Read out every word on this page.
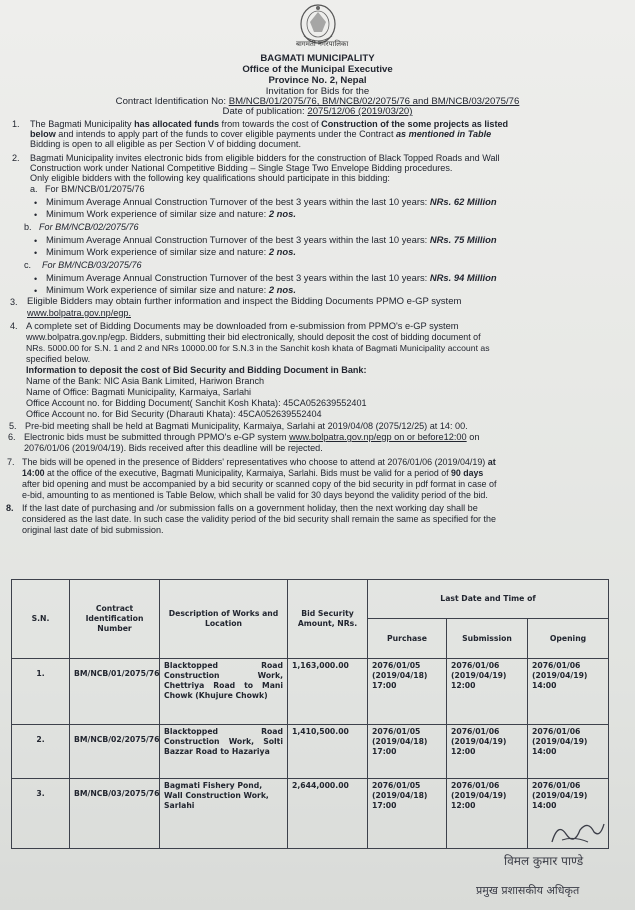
बागमती नगरपालिका
BAGMATI MUNICIPALITY
Office of the Municipal Executive
Province No. 2, Nepal
Invitation for Bids for the
Contract Identification No: BM/NCB/01/2075/76, BM/NCB/02/2075/76 and BM/NCB/03/2075/76
Date of publication: 2075/12/06 (2019/03/20)
1. The Bagmati Municipality has allocated funds from towards the cost of Construction of the some projects as listed
below and intends to apply part of the funds to cover eligible payments under the Contract as mentioned in Table
Bidding is open to all eligible as per Section V of bidding document.
2. Bagmati Municipality invites electronic bids from eligible bidders for the construction of Black Topped Roads and Wall
Construction work under National Competitive Bidding – Single Stage Two Envelope Bidding procedures.
Only eligible bidders with the following key qualifications should participate in this bidding:
a. For BM/NCB/01/2075/76
• Minimum Average Annual Construction Turnover of the best 3 years within the last 10 years: NRs. 62 Million
• Minimum Work experience of similar size and nature: 2 nos.
b. For BM/NCB/02/2075/76
• Minimum Average Annual Construction Turnover of the best 3 years within the last 10 years: NRs. 75 Million
• Minimum Work experience of similar size and nature: 2 nos.
c. For BM/NCB/03/2075/76
• Minimum Average Annual Construction Turnover of the best 3 years within the last 10 years: NRs. 94 Million
• Minimum Work experience of similar size and nature: 2 nos.
3. Eligible Bidders may obtain further information and inspect the Bidding Documents PPMO e-GP system
www.bolpatra.gov.np/egp.
4. A complete set of Bidding Documents may be downloaded from e-submission from PPMO's e-GP system
www.bolpatra.gov.np/egp. Bidders, submitting their bid electronically, should deposit the cost of bidding document of
NRs. 5000.00 for S.N. 1 and 2 and NRs 10000.00 for S.N.3 in the Sanchit kosh khata of Bagmati Municipality account as
specified below.
Information to deposit the cost of Bid Security and Bidding Document in Bank:
Name of the Bank: NIC Asia Bank Limited, Hariwon Branch
Name of Office: Bagmati Municipality, Karmaiya, Sarlahi
Office Account no. for Bidding Document( Sanchit Kosh Khata): 45CA052639552401
Office Account no. for Bid Security (Dharauti Khata): 45CA052639552404
5. Pre-bid meeting shall be held at Bagmati Municipality, Karmaiya, Sarlahi at 2019/04/08 (2075/12/25) at 14: 00.
6. Electronic bids must be submitted through PPMO's e-GP system www.bolpatra.gov.np/egp on or before12:00 on
2076/01/06 (2019/04/19). Bids received after this deadline will be rejected.
7. The bids will be opened in the presence of Bidders' representatives who choose to attend at 2076/01/06 (2019/04/19) at
14:00 at the office of the executive, Bagmati Municipality, Karmaiya, Sarlahi. Bids must be valid for a period of 90 days
after bid opening and must be accompanied by a bid security or scanned copy of the bid security in pdf format in case of
e-bid, amounting to as mentioned is Table Below, which shall be valid for 30 days beyond the validity period of the bid.
8. If the last date of purchasing and /or submission falls on a government holiday, then the next working day shall be
considered as the last date. In such case the validity period of the bid security shall remain the same as specified for the
original last date of bid submission.
S.N.	Contract Identification Number	Description of Works and Location	Bid Security Amount, NRs.	Last Date and Time of		
				Purchase	Submission	Opening
1.	BM/NCB/01/2075/76	Blacktopped Road Construction Work, Chettriya Road to Mani Chowk (Khujure Chowk)	1,163,000.00	2076/01/05 (2019/04/18) 17:00	2076/01/06 (2019/04/19) 12:00	2076/01/06 (2019/04/19) 14:00
2.	BM/NCB/02/2075/76	Blacktopped Road Construction Work, Solti Bazzar Road to Hazariya	1,410,500.00	2076/01/05 (2019/04/18) 17:00	2076/01/06 (2019/04/19) 12:00	2076/01/06 (2019/04/19) 14:00
3.	BM/NCB/03/2075/76	Bagmati Fishery Pond, Wall Construction Work, Sarlahi	2,644,000.00	2076/01/05 (2019/04/18) 17:00	2076/01/06 (2019/04/19) 12:00	2076/01/06 (2019/04/19) 14:00
विमल कुमार पाण्डे
प्रमुख प्रशासकीय अधिकृत
